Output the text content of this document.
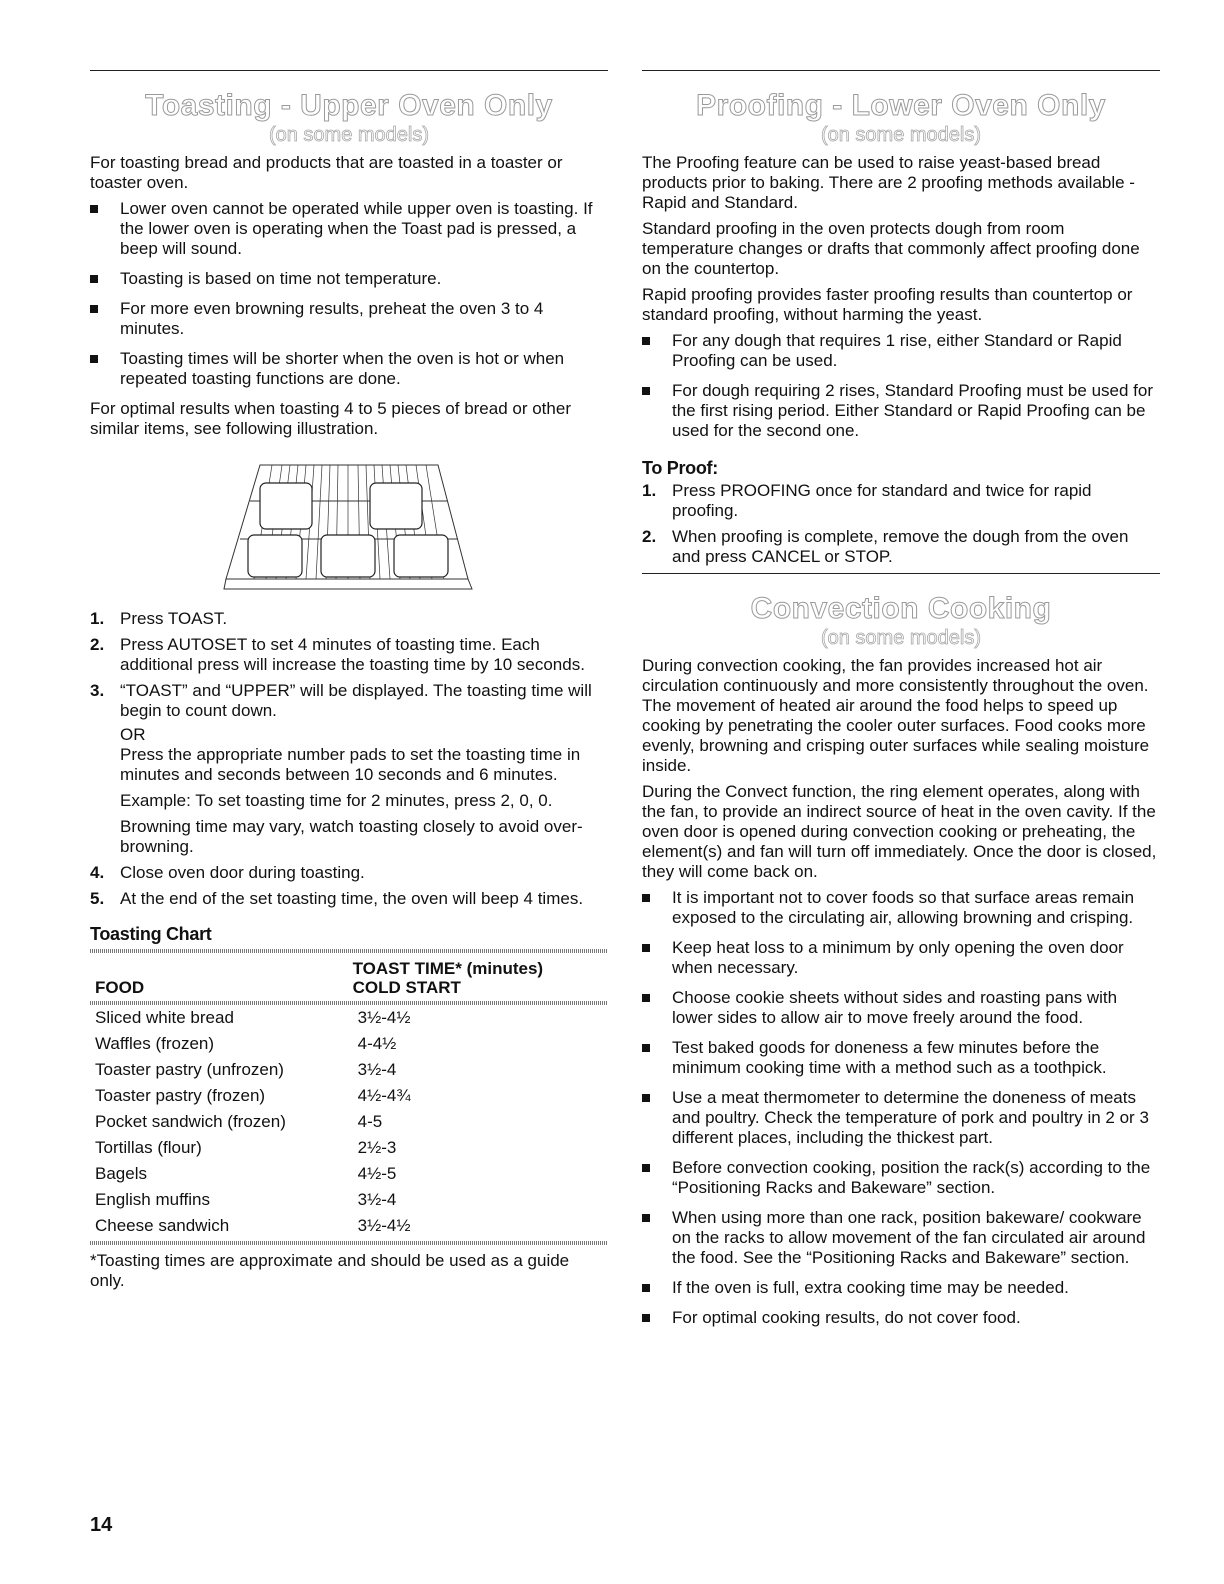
Toasting - Upper Oven Only
(on some models)

For toasting bread and products that are toasted in a toaster or toaster oven.

Lower oven cannot be operated while upper oven is toasting. If the lower oven is operating when the Toast pad is pressed, a beep will sound.
Toasting is based on time not temperature.
For more even browning results, preheat the oven 3 to 4 minutes.
Toasting times will be shorter when the oven is hot or when repeated toasting functions are done.

For optimal results when toasting 4 to 5 pieces of bread or other similar items, see following illustration.

1. Press TOAST.
2. Press AUTOSET to set 4 minutes of toasting time. Each additional press will increase the toasting time by 10 seconds.
3. “TOAST” and “UPPER” will be displayed. The toasting time will begin to count down.
OR
Press the appropriate number pads to set the toasting time in minutes and seconds between 10 seconds and 6 minutes.
Example: To set toasting time for 2 minutes, press 2, 0, 0.
Browning time may vary, watch toasting closely to avoid over-browning.
4. Close oven door during toasting.
5. At the end of the set toasting time, the oven will beep 4 times.
Toasting Chart
FOOD	TOAST TIME* (minutes)
COLD START

Sliced white bread	3½-4½
Waffles (frozen)	4-4½
Toaster pastry (unfrozen)	3½-4
Toaster pastry (frozen)	4½-4¾
Pocket sandwich (frozen)	4-5
Tortillas (flour)	2½-3
Bagels	4½-5
English muffins	3½-4
Cheese sandwich	3½-4½

*Toasting times are approximate and should be used as a guide only.

Proofing - Lower Oven Only
(on some models)

The Proofing feature can be used to raise yeast-based bread products prior to baking. There are 2 proofing methods available - Rapid and Standard.

Standard proofing in the oven protects dough from room temperature changes or drafts that commonly affect proofing done on the countertop.

Rapid proofing provides faster proofing results than countertop or standard proofing, without harming the yeast.

For any dough that requires 1 rise, either Standard or Rapid Proofing can be used.
For dough requiring 2 rises, Standard Proofing must be used for the first rising period. Either Standard or Rapid Proofing can be used for the second one.
To Proof:
1. Press PROOFING once for standard and twice for rapid proofing.
2. When proofing is complete, remove the dough from the oven and press CANCEL or STOP.
Convection Cooking
(on some models)

During convection cooking, the fan provides increased hot air circulation continuously and more consistently throughout the oven. The movement of heated air around the food helps to speed up cooking by penetrating the cooler outer surfaces. Food cooks more evenly, browning and crisping outer surfaces while sealing moisture inside.

During the Convect function, the ring element operates, along with the fan, to provide an indirect source of heat in the oven cavity. If the oven door is opened during convection cooking or preheating, the element(s) and fan will turn off immediately. Once the door is closed, they will come back on.

It is important not to cover foods so that surface areas remain exposed to the circulating air, allowing browning and crisping.
Keep heat loss to a minimum by only opening the oven door when necessary.
Choose cookie sheets without sides and roasting pans with lower sides to allow air to move freely around the food.
Test baked goods for doneness a few minutes before the minimum cooking time with a method such as a toothpick.
Use a meat thermometer to determine the doneness of meats and poultry. Check the temperature of pork and poultry in 2 or 3 different places, including the thickest part.
Before convection cooking, position the rack(s) according to the “Positioning Racks and Bakeware” section.
When using more than one rack, position bakeware/ cookware on the racks to allow movement of the fan circulated air around the food. See the “Positioning Racks and Bakeware” section.
If the oven is full, extra cooking time may be needed.
For optimal cooking results, do not cover food.
14
